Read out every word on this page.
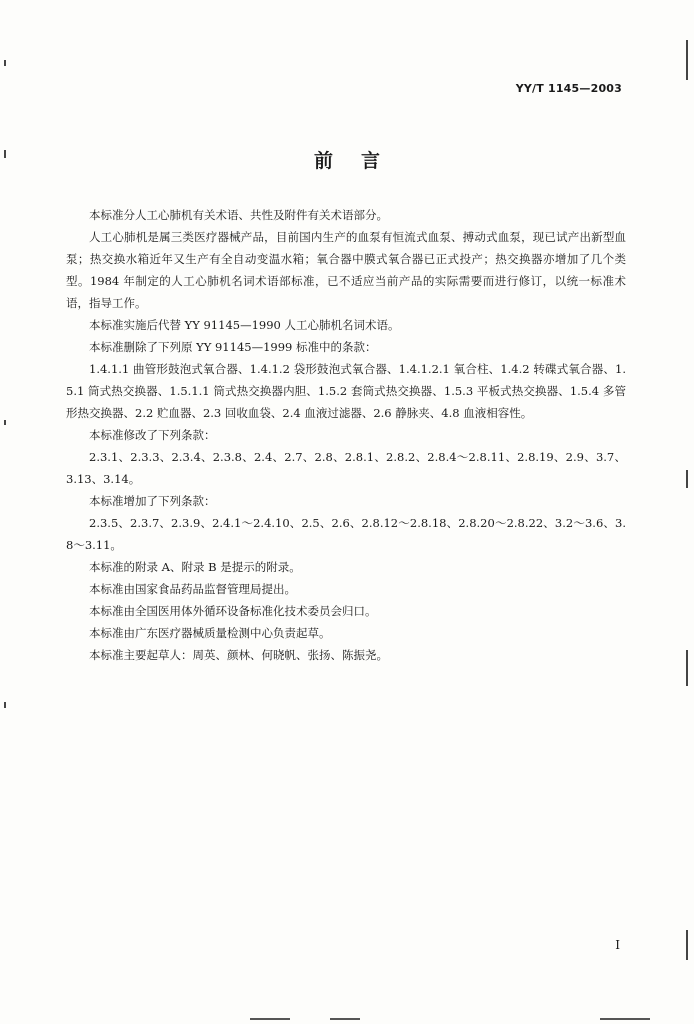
YY/T 1145—2003
前言

本标准分人工心肺机有关术语、共性及附件有关术语部分。

人工心肺机是属三类医疗器械产品，目前国内生产的血泵有恒流式血泵、搏动式血泵，现已试产出新型血泵；热交换水箱近年又生产有全自动变温水箱；氧合器中膜式氧合器已正式投产；热交换器亦增加了几个类型。1984 年制定的人工心肺机名词术语部标准，已不适应当前产品的实际需要而进行修订，以统一标准术语，指导工作。

本标准实施后代替 YY 91145—1990 人工心肺机名词术语。

本标准删除了下列原 YY 91145—1999 标准中的条款：

1.4.1.1 曲管形鼓泡式氧合器、1.4.1.2 袋形鼓泡式氧合器、1.4.1.2.1 氧合柱、1.4.2 转碟式氧合器、1.5.1 筒式热交换器、1.5.1.1 筒式热交换器内胆、1.5.2 套筒式热交换器、1.5.3 平板式热交换器、1.5.4 多管形热交换器、2.2 贮血器、2.3 回收血袋、2.4 血液过滤器、2.6 静脉夹、4.8 血液相容性。

本标准修改了下列条款：

2.3.1、2.3.3、2.3.4、2.3.8、2.4、2.7、2.8、2.8.1、2.8.2、2.8.4～2.8.11、2.8.19、2.9、3.7、3.13、3.14。

本标准增加了下列条款：

2.3.5、2.3.7、2.3.9、2.4.1～2.4.10、2.5、2.6、2.8.12～2.8.18、2.8.20～2.8.22、3.2～3.6、3.8～3.11。

本标准的附录 A、附录 B 是提示的附录。

本标准由国家食品药品监督管理局提出。

本标准由全国医用体外循环设备标准化技术委员会归口。

本标准由广东医疗器械质量检测中心负责起草。

本标准主要起草人：周英、颜林、何晓帆、张扬、陈振尧。

I
